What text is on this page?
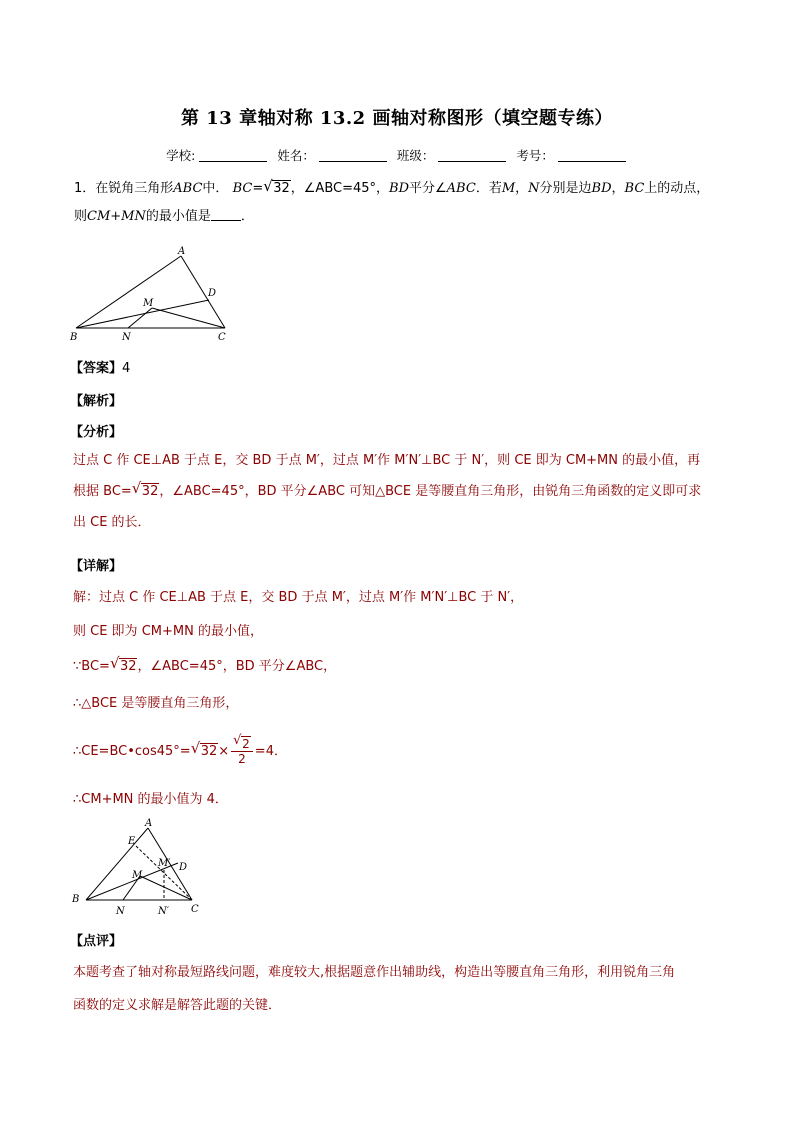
第 13 章轴对称 13.2 画轴对称图形（填空题专练）
学校:	姓名：	班级：	考号：
1．在锐角三角形ABC中． BC= √ 32，∠ABC=45°，BD平分∠ABC．若M，N分别是边BD，BC上的动点，
则CM+MN的最小值是 ．
A
B	C
D
M
N
【答案】4
【解析】
【分析】
过点 C 作 CE⊥AB 于点 E，交 BD 于点 M′，过点 M′作 M′N′⊥BC 于 N′，则 CE 即为 CM+MN 的最小值，再
根据 BC= √ 32，∠ABC=45°，BD 平分∠ABC 可知△BCE 是等腰直角三角形，由锐角三角函数的定义即可求
出 CE 的长．
【详解】
解：过点 C 作 CE⊥AB 于点 E，交 BD 于点 M′，过点 M′作 M′N′⊥BC 于 N′，
则 CE 即为 CM+MN 的最小值，
∵BC= √ 32，∠ABC=45°，BD 平分∠ABC，
∴△BCE 是等腰直角三角形，
∴CE=BC•cos45°= √ $32\times \frac{√ 2}{2} =4$．
∴CM+MN 的最小值为 4．
A
E
B
C
D
M
M′
N	N′
【点评】
本题考查了轴对称最短路线问题，难度较大,根据题意作出辅助线，构造出等腰直角三角形，利用锐角三角
函数的定义求解是解答此题的关键．
